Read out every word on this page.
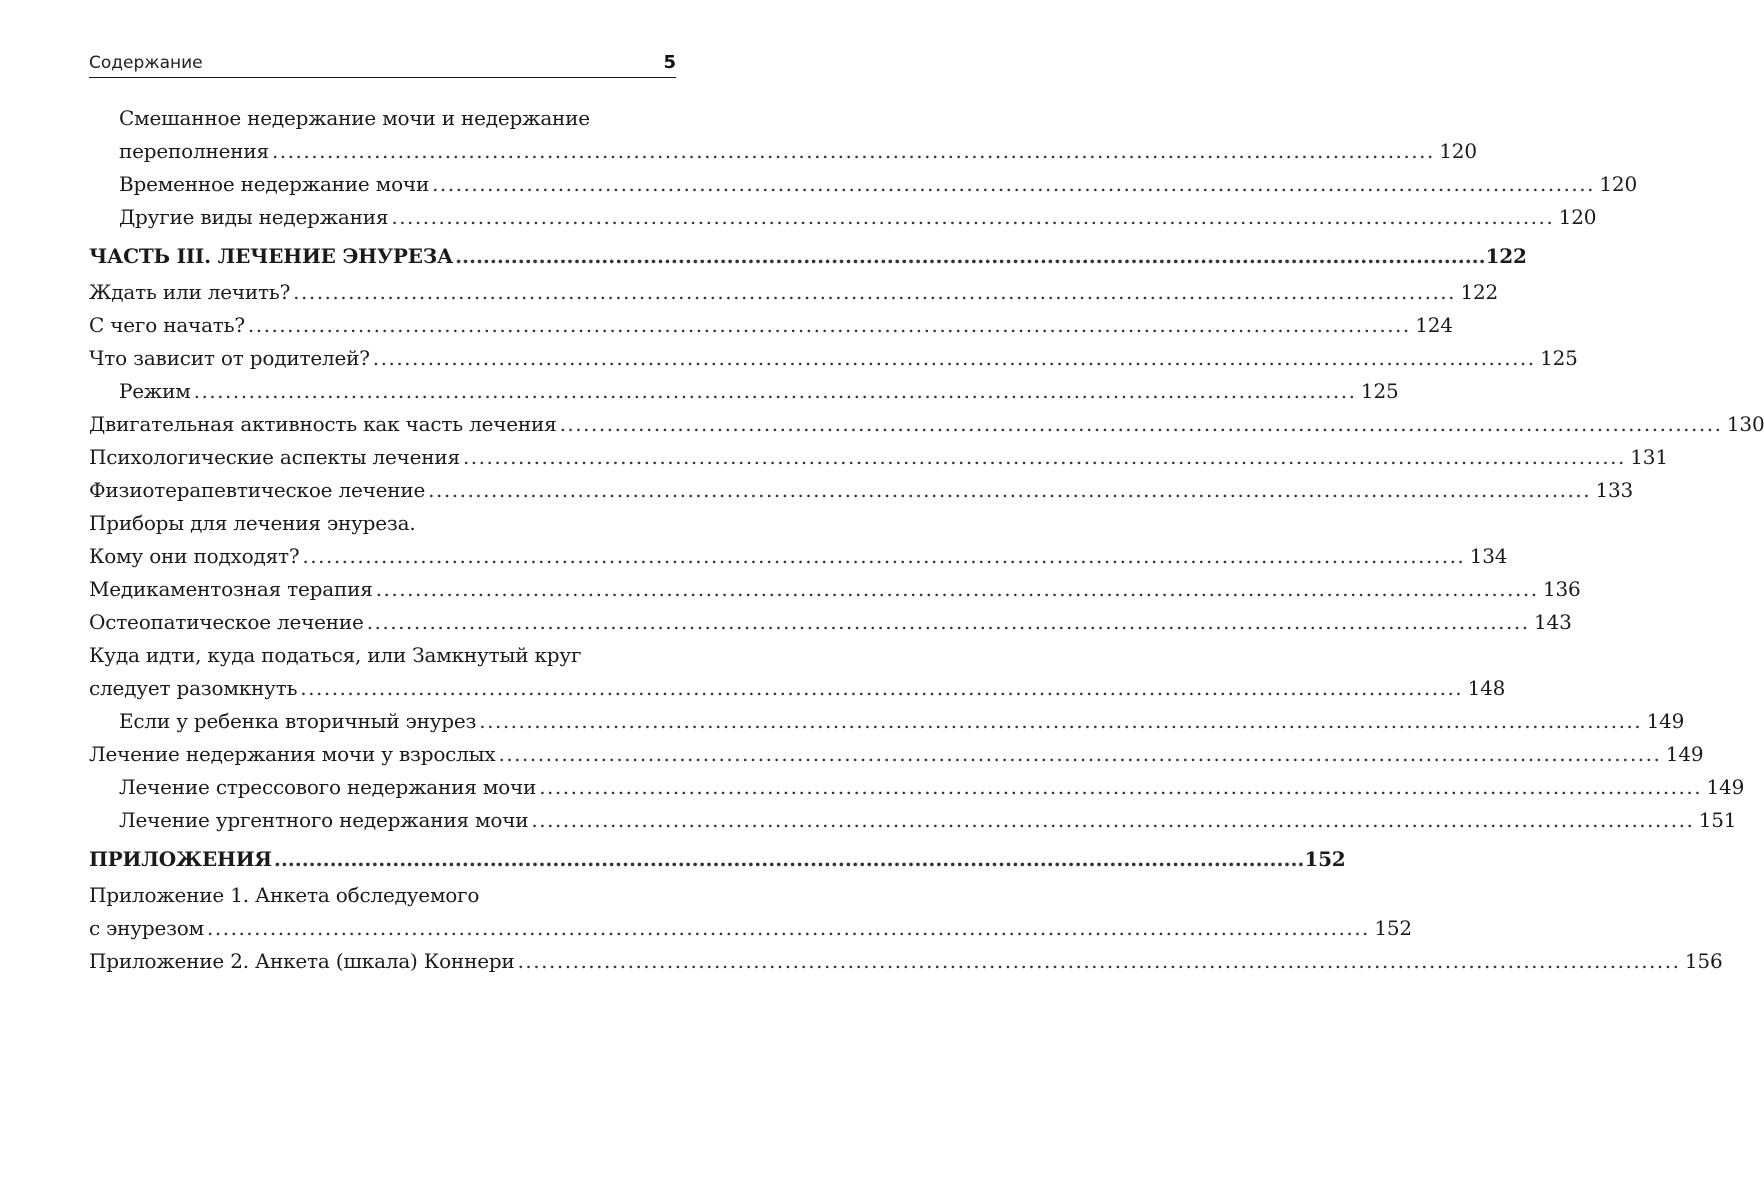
Содержание	5
Смешанное недержание мочи и недержание
переполнения .................................................................................................................................................... 120
Временное недержание мочи .................................................................................................................................................... 120
Другие виды недержания .................................................................................................................................................... 120
ЧАСТЬ III. ЛЕЧЕНИЕ ЭНУРЕЗА .................................................................................................................................................... 122
Ждать или лечить? .................................................................................................................................................... 122
С чего начать? .................................................................................................................................................... 124
Что зависит от родителей? .................................................................................................................................................... 125
Режим .................................................................................................................................................... 125
Двигательная активность как часть лечения .................................................................................................................................................... 130
Психологические аспекты лечения .................................................................................................................................................... 131
Физиотерапевтическое лечение .................................................................................................................................................... 133
Приборы для лечения энуреза.
Кому они подходят? .................................................................................................................................................... 134
Медикаментозная терапия .................................................................................................................................................... 136
Остеопатическое лечение .................................................................................................................................................... 143
Куда идти, куда податься, или Замкнутый круг
следует разомкнуть .................................................................................................................................................... 148
Если у ребенка вторичный энурез .................................................................................................................................................... 149
Лечение недержания мочи у взрослых .................................................................................................................................................... 149
Лечение стрессового недержания мочи .................................................................................................................................................... 149
Лечение ургентного недержания мочи .................................................................................................................................................... 151
ПРИЛОЖЕНИЯ .................................................................................................................................................... 152
Приложение 1. Анкета обследуемого
с энурезом .................................................................................................................................................... 152
Приложение 2. Анкета (шкала) Коннери .................................................................................................................................................... 156
